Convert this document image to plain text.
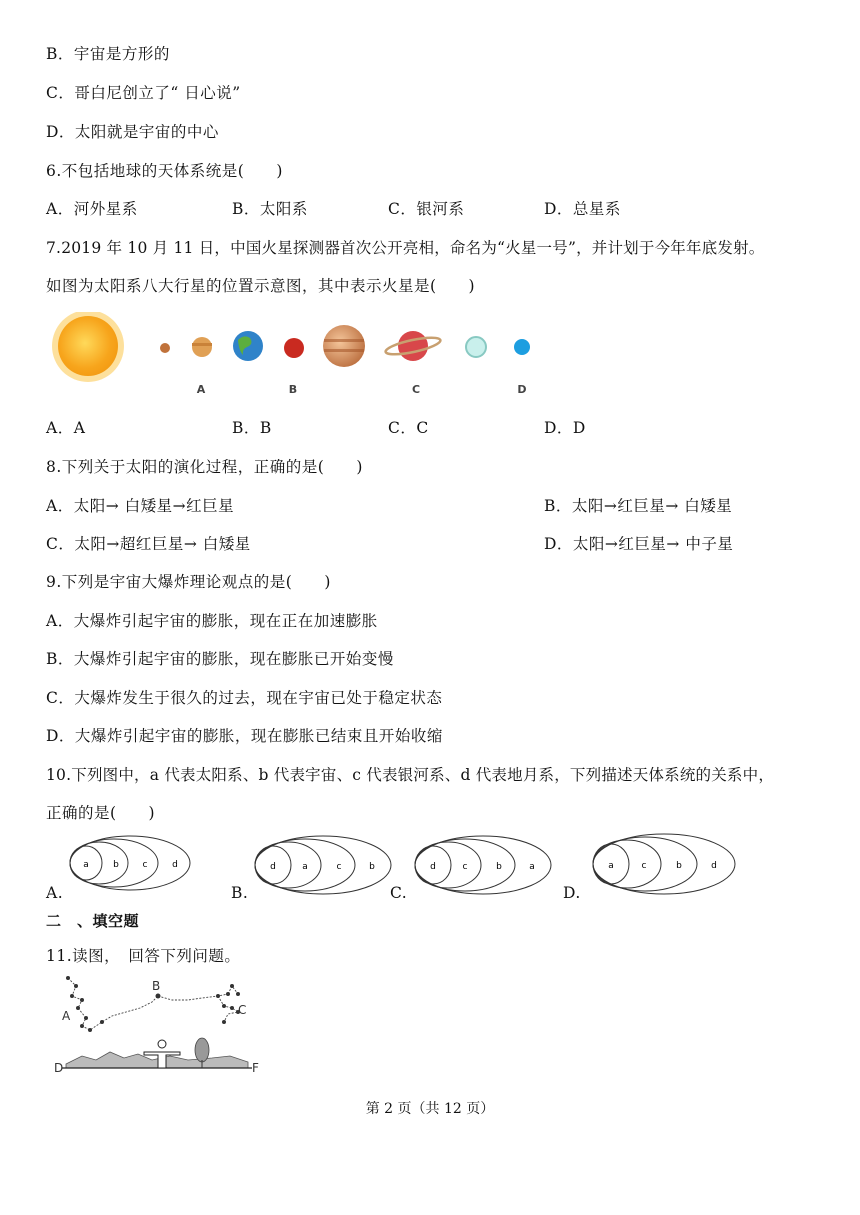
B．宇宙是方形的
C．哥白尼创立了“ 日心说”
D．太阳就是宇宙的中心
6.不包括地球的天体系统是(　　)
A．河外星系	B．太阳系	C．银河系	D．总星系
7.2019 年 10 月 11 日，中国火星探测器首次公开亮相，命名为“火星一号”，并计划于今年年底发射。
如图为太阳系八大行星的位置示意图，其中表示火星是(　　)
A	B	C	D
A．A	B．B	C．C	D．D
8.下列关于太阳的演化过程，正确的是(　　)
A．太阳→ 白矮星→红巨星	B．太阳→红巨星→ 白矮星
C．太阳→超红巨星→ 白矮星	D．太阳→红巨星→ 中子星
9.下列是宇宙大爆炸理论观点的是(　　)
A．大爆炸引起宇宙的膨胀，现在正在加速膨胀
B．大爆炸引起宇宙的膨胀，现在膨胀已开始变慢
C．大爆炸发生于很久的过去，现在宇宙已处于稳定状态
D．大爆炸引起宇宙的膨胀，现在膨胀已结束且开始收缩
10.下列图中，a 代表太阳系、b 代表宇宙、c 代表银河系、d 代表地月系，下列描述天体系统的关系中，
正确的是(　　)
A.	B.	C.	D.
a	b	c	d	d	a	c	b	d	c	b	a	a	c	b	d
二　、填空题
11.读图，　回答下列问题。
A
B
C
D	F
第 2 页（共 12 页）
